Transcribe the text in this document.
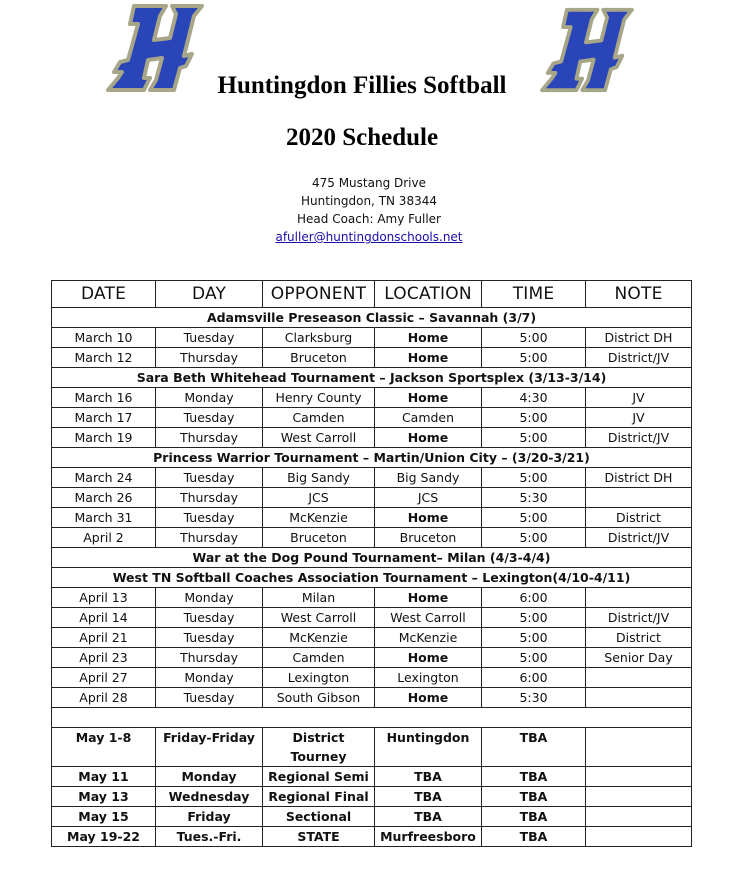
Huntingdon Fillies Softball
2020 Schedule
475 Mustang Drive
Huntingdon, TN 38344
Head Coach: Amy Fuller
afuller@huntingdonschools.net
DATE	DAY	OPPONENT	LOCATION	TIME	NOTE
Adamsville Preseason Classic – Savannah (3/7)					
March 10	Tuesday	Clarksburg	Home	5:00	District DH
March 12	Thursday	Bruceton	Home	5:00	District/JV
Sara Beth Whitehead Tournament – Jackson Sportsplex (3/13-3/14)					
March 16	Monday	Henry County	Home	4:30	JV
March 17	Tuesday	Camden	Camden	5:00	JV
March 19	Thursday	West Carroll	Home	5:00	District/JV
Princess Warrior Tournament – Martin/Union City – (3/20-3/21)					
March 24	Tuesday	Big Sandy	Big Sandy	5:00	District DH
March 26	Thursday	JCS	JCS	5:30	
March 31	Tuesday	McKenzie	Home	5:00	District
April 2	Thursday	Bruceton	Bruceton	5:00	District/JV
War at the Dog Pound Tournament– Milan (4/3-4/4)					
West TN Softball Coaches Association Tournament – Lexington(4/10-4/11)					
April 13	Monday	Milan	Home	6:00	
April 14	Tuesday	West Carroll	West Carroll	5:00	District/JV
April 21	Tuesday	McKenzie	McKenzie	5:00	District
April 23	Thursday	Camden	Home	5:00	Senior Day
April 27	Monday	Lexington	Lexington	6:00	
April 28	Tuesday	South Gibson	Home	5:30	

May 1-8	Friday-Friday	District Tourney	Huntingdon	TBA	
May 11	Monday	Regional Semi	TBA	TBA	
May 13	Wednesday	Regional Final	TBA	TBA	
May 15	Friday	Sectional	TBA	TBA	
May 19-22	Tues.-Fri.	STATE	Murfreesboro	TBA	
